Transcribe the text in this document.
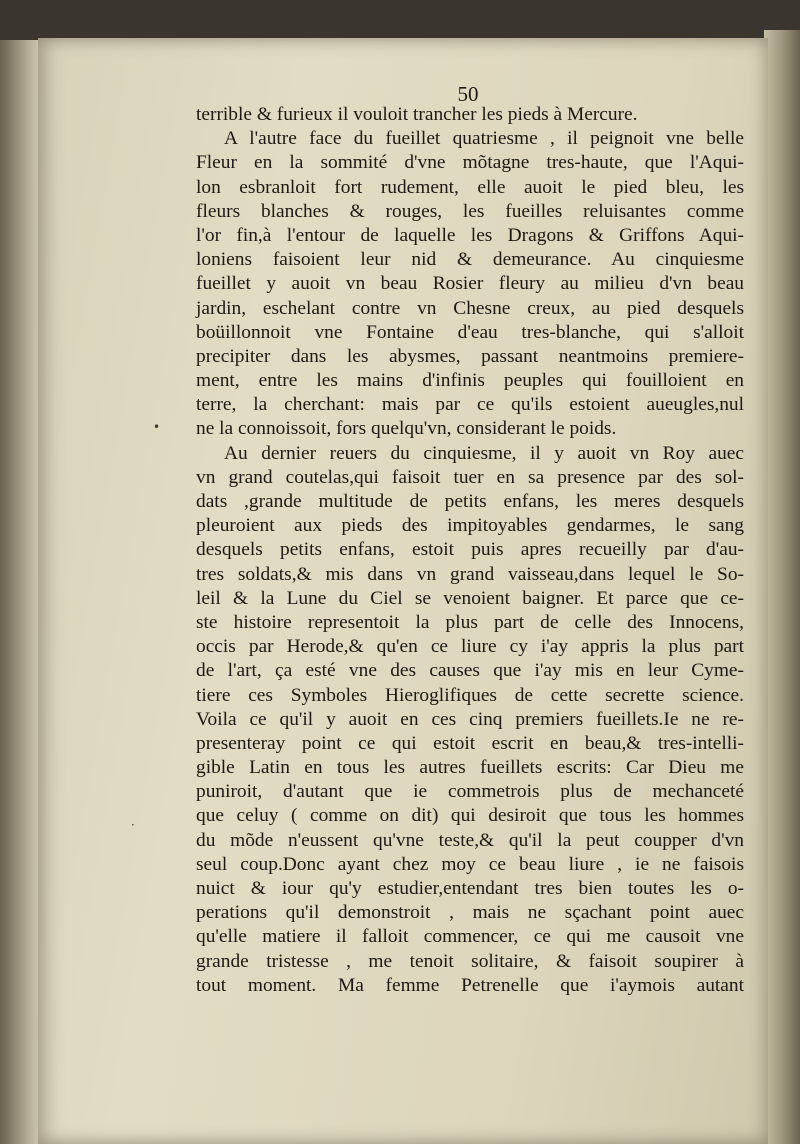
50
terrible & furieux il vouloit trancher les pieds à Mercure.
A l'autre face du fueillet quatriesme , il peignoit vne belle
Fleur en la sommité d'vne mõtagne tres-haute, que l'Aqui-
lon esbranloit fort rudement, elle auoit le pied bleu, les
fleurs blanches & rouges, les fueilles reluisantes comme
l'or fin,à l'entour de laquelle les Dragons & Griffons Aqui-
loniens faisoient leur nid & demeurance. Au cinquiesme
fueillet y auoit vn beau Rosier fleury au milieu d'vn beau
jardin, eschelant contre vn Chesne creux, au pied desquels
boüillonnoit vne Fontaine d'eau tres-blanche, qui s'alloit
precipiter dans les abysmes, passant neantmoins premiere-
ment, entre les mains d'infinis peuples qui fouilloient en
terre, la cherchant: mais par ce qu'ils estoient aueugles,nul
ne la connoissoit, fors quelqu'vn, considerant le poids.
Au dernier reuers du cinquiesme, il y auoit vn Roy auec
vn grand coutelas,qui faisoit tuer en sa presence par des sol-
dats ,grande multitude de petits enfans, les meres desquels
pleuroient aux pieds des impitoyables gendarmes, le sang
desquels petits enfans, estoit puis apres recueilly par d'au-
tres soldats,& mis dans vn grand vaisseau,dans lequel le So-
leil & la Lune du Ciel se venoient baigner. Et parce que ce-
ste histoire representoit la plus part de celle des Innocens,
occis par Herode,& qu'en ce liure cy i'ay appris la plus part
de l'art, ça esté vne des causes que i'ay mis en leur Cyme-
tiere ces Symboles Hieroglifiques de cette secrette science.
Voila ce qu'il y auoit en ces cinq premiers fueillets.Ie ne re-
presenteray point ce qui estoit escrit en beau,& tres-intelli-
gible Latin en tous les autres fueillets escrits: Car Dieu me
puniroit, d'autant que ie commetrois plus de mechanceté
que celuy ( comme on dit) qui desiroit que tous les hommes
du mõde n'eussent qu'vne teste,& qu'il la peut coupper d'vn
seul coup.Donc ayant chez moy ce beau liure , ie ne faisois
nuict & iour qu'y estudier,entendant tres bien toutes les o-
perations qu'il demonstroit , mais ne sçachant point auec
qu'elle matiere il falloit commencer, ce qui me causoit vne
grande tristesse , me tenoit solitaire, & faisoit soupirer à
tout moment. Ma femme Petrenelle que i'aymois autant
•
·
